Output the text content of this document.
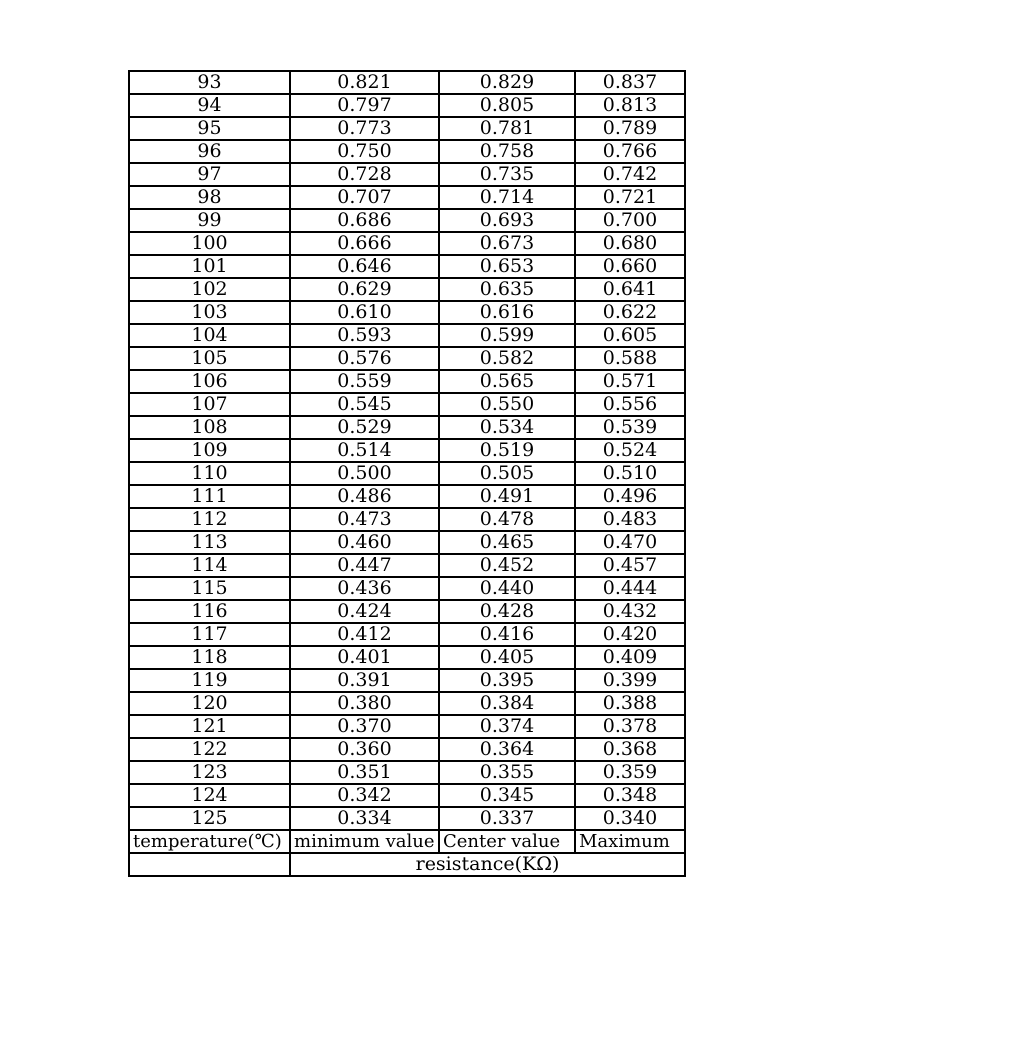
93	0.821	0.829	0.837
94	0.797	0.805	0.813
95	0.773	0.781	0.789
96	0.750	0.758	0.766
97	0.728	0.735	0.742
98	0.707	0.714	0.721
99	0.686	0.693	0.700
100	0.666	0.673	0.680
101	0.646	0.653	0.660
102	0.629	0.635	0.641
103	0.610	0.616	0.622
104	0.593	0.599	0.605
105	0.576	0.582	0.588
106	0.559	0.565	0.571
107	0.545	0.550	0.556
108	0.529	0.534	0.539
109	0.514	0.519	0.524
110	0.500	0.505	0.510
111	0.486	0.491	0.496
112	0.473	0.478	0.483
113	0.460	0.465	0.470
114	0.447	0.452	0.457
115	0.436	0.440	0.444
116	0.424	0.428	0.432
117	0.412	0.416	0.420
118	0.401	0.405	0.409
119	0.391	0.395	0.399
120	0.380	0.384	0.388
121	0.370	0.374	0.378
122	0.360	0.364	0.368
123	0.351	0.355	0.359
124	0.342	0.345	0.348
125	0.334	0.337	0.340
temperature(℃)	minimum value	Center value	Maximum
	resistance(KΩ)		
